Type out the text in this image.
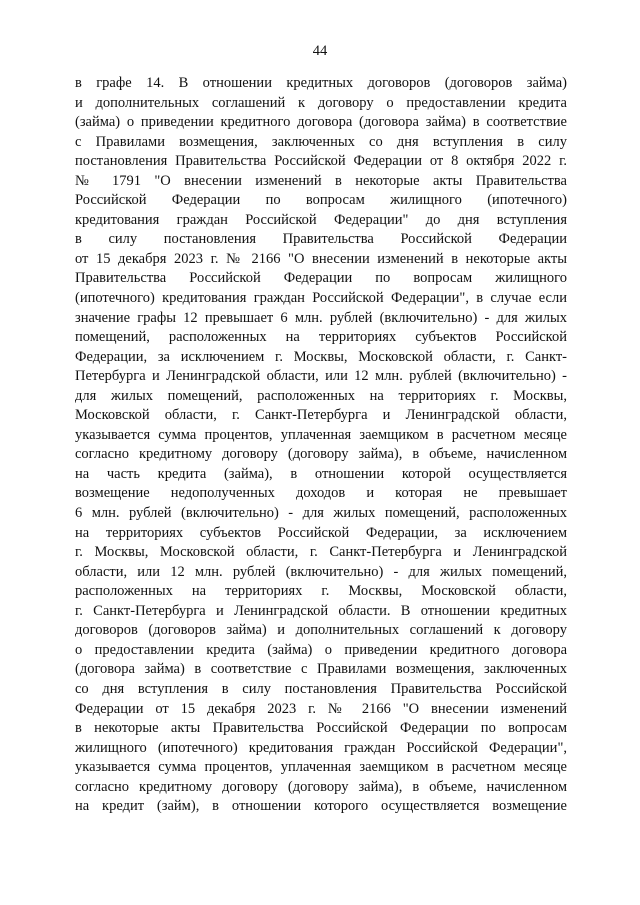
44
в графе 14. В отношении кредитных договоров (договоров займа)
и дополнительных соглашений к договору о предоставлении кредита
(займа) о приведении кредитного договора (договора займа) в соответствие
с Правилами возмещения, заключенных со дня вступления в силу
постановления Правительства Российской Федерации от 8 октября 2022 г.
№ 1791 "О внесении изменений в некоторые акты Правительства
Российской Федерации по вопросам жилищного (ипотечного)
кредитования граждан Российской Федерации" до дня вступления
в силу постановления Правительства Российской Федерации
от 15 декабря 2023 г. № 2166 "О внесении изменений в некоторые акты
Правительства Российской Федерации по вопросам жилищного
(ипотечного) кредитования граждан Российской Федерации", в случае если
значение графы 12 превышает 6 млн. рублей (включительно) - для жилых
помещений, расположенных на территориях субъектов Российской
Федерации, за исключением г. Москвы, Московской области, г. Санкт-
Петербурга и Ленинградской области, или 12 млн. рублей (включительно) -
для жилых помещений, расположенных на территориях г. Москвы,
Московской области, г. Санкт-Петербурга и Ленинградской области,
указывается сумма процентов, уплаченная заемщиком в расчетном месяце
согласно кредитному договору (договору займа), в объеме, начисленном
на часть кредита (займа), в отношении которой осуществляется
возмещение недополученных доходов и которая не превышает
6 млн. рублей (включительно) - для жилых помещений, расположенных
на территориях субъектов Российской Федерации, за исключением
г. Москвы, Московской области, г. Санкт-Петербурга и Ленинградской
области, или 12 млн. рублей (включительно) - для жилых помещений,
расположенных на территориях г. Москвы, Московской области,
г. Санкт-Петербурга и Ленинградской области. В отношении кредитных
договоров (договоров займа) и дополнительных соглашений к договору
о предоставлении кредита (займа) о приведении кредитного договора
(договора займа) в соответствие с Правилами возмещения, заключенных
со дня вступления в силу постановления Правительства Российской
Федерации от 15 декабря 2023 г. № 2166 "О внесении изменений
в некоторые акты Правительства Российской Федерации по вопросам
жилищного (ипотечного) кредитования граждан Российской Федерации",
указывается сумма процентов, уплаченная заемщиком в расчетном месяце
согласно кредитному договору (договору займа), в объеме, начисленном
на кредит (займ), в отношении которого осуществляется возмещение
